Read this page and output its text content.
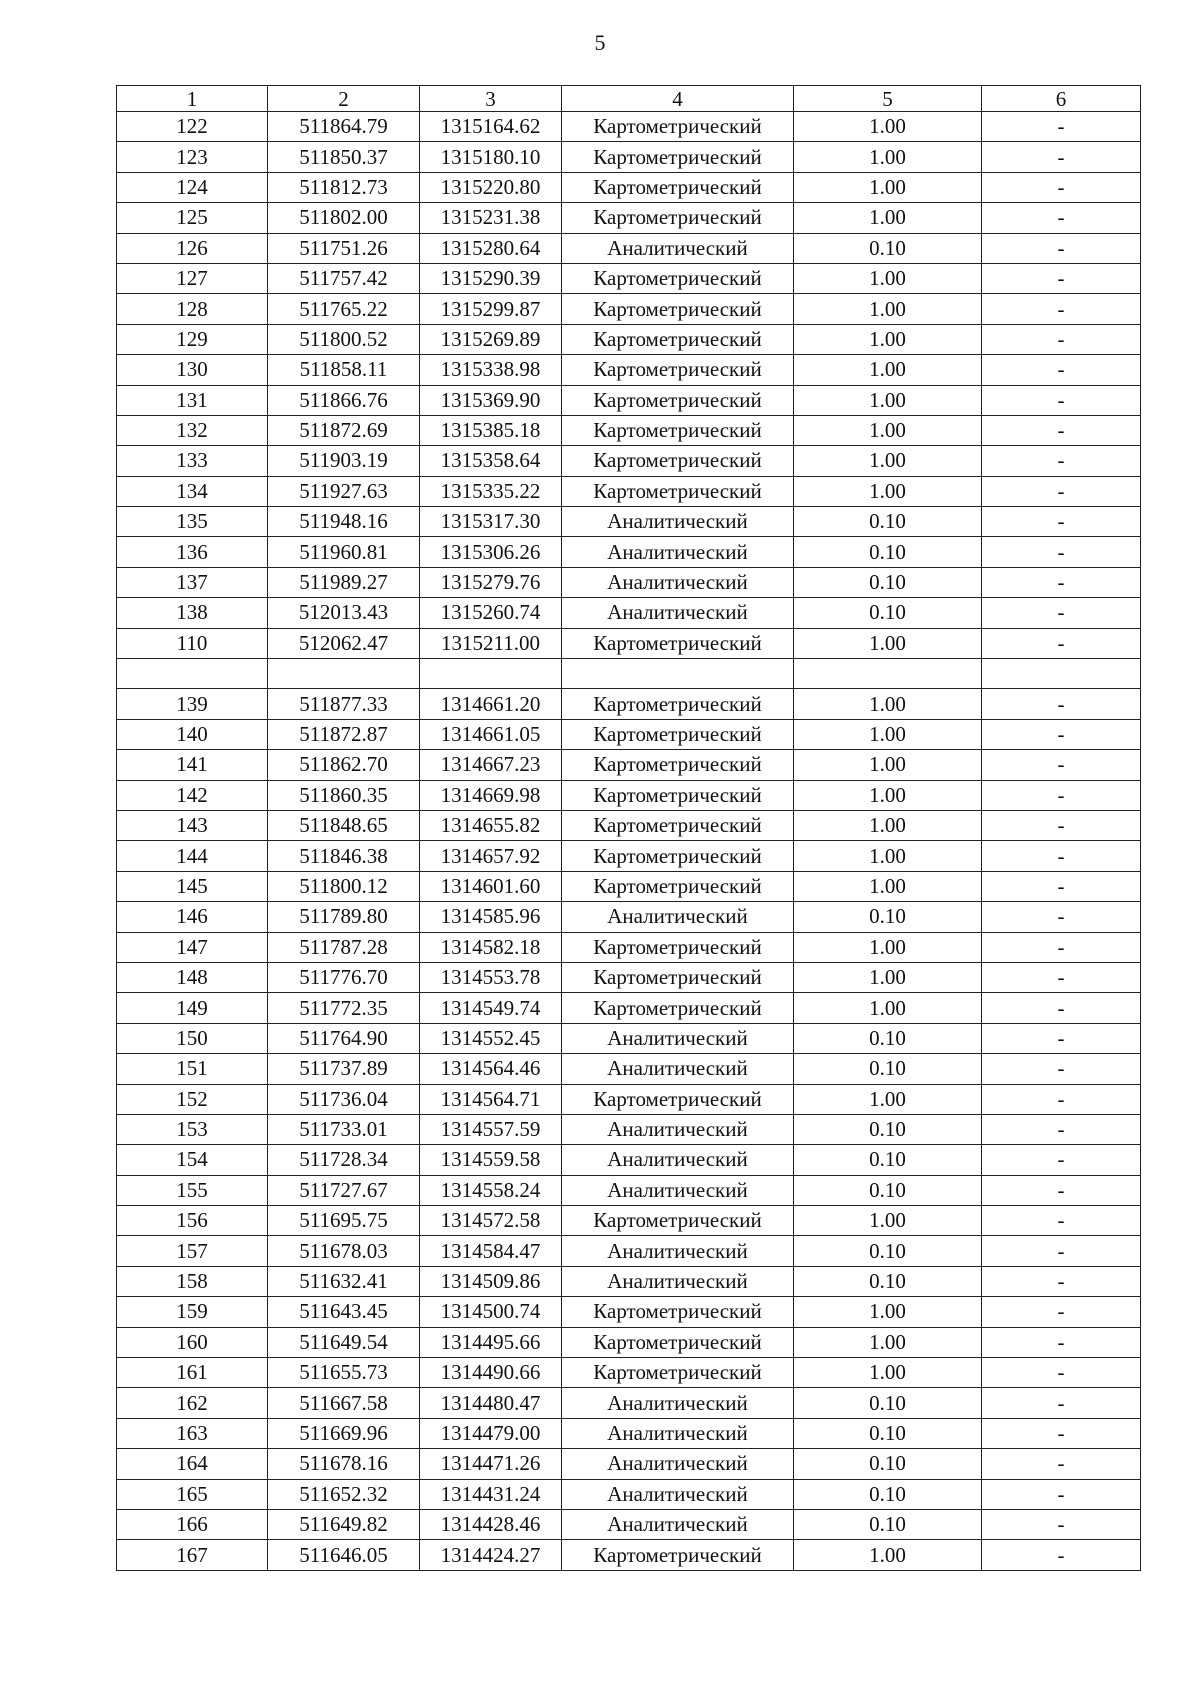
5
1	2	3	4	5	6
122	511864.79	1315164.62	Картометрический	1.00	-
123	511850.37	1315180.10	Картометрический	1.00	-
124	511812.73	1315220.80	Картометрический	1.00	-
125	511802.00	1315231.38	Картометрический	1.00	-
126	511751.26	1315280.64	Аналитический	0.10	-
127	511757.42	1315290.39	Картометрический	1.00	-
128	511765.22	1315299.87	Картометрический	1.00	-
129	511800.52	1315269.89	Картометрический	1.00	-
130	511858.11	1315338.98	Картометрический	1.00	-
131	511866.76	1315369.90	Картометрический	1.00	-
132	511872.69	1315385.18	Картометрический	1.00	-
133	511903.19	1315358.64	Картометрический	1.00	-
134	511927.63	1315335.22	Картометрический	1.00	-
135	511948.16	1315317.30	Аналитический	0.10	-
136	511960.81	1315306.26	Аналитический	0.10	-
137	511989.27	1315279.76	Аналитический	0.10	-
138	512013.43	1315260.74	Аналитический	0.10	-
110	512062.47	1315211.00	Картометрический	1.00	-

139	511877.33	1314661.20	Картометрический	1.00	-
140	511872.87	1314661.05	Картометрический	1.00	-
141	511862.70	1314667.23	Картометрический	1.00	-
142	511860.35	1314669.98	Картометрический	1.00	-
143	511848.65	1314655.82	Картометрический	1.00	-
144	511846.38	1314657.92	Картометрический	1.00	-
145	511800.12	1314601.60	Картометрический	1.00	-
146	511789.80	1314585.96	Аналитический	0.10	-
147	511787.28	1314582.18	Картометрический	1.00	-
148	511776.70	1314553.78	Картометрический	1.00	-
149	511772.35	1314549.74	Картометрический	1.00	-
150	511764.90	1314552.45	Аналитический	0.10	-
151	511737.89	1314564.46	Аналитический	0.10	-
152	511736.04	1314564.71	Картометрический	1.00	-
153	511733.01	1314557.59	Аналитический	0.10	-
154	511728.34	1314559.58	Аналитический	0.10	-
155	511727.67	1314558.24	Аналитический	0.10	-
156	511695.75	1314572.58	Картометрический	1.00	-
157	511678.03	1314584.47	Аналитический	0.10	-
158	511632.41	1314509.86	Аналитический	0.10	-
159	511643.45	1314500.74	Картометрический	1.00	-
160	511649.54	1314495.66	Картометрический	1.00	-
161	511655.73	1314490.66	Картометрический	1.00	-
162	511667.58	1314480.47	Аналитический	0.10	-
163	511669.96	1314479.00	Аналитический	0.10	-
164	511678.16	1314471.26	Аналитический	0.10	-
165	511652.32	1314431.24	Аналитический	0.10	-
166	511649.82	1314428.46	Аналитический	0.10	-
167	511646.05	1314424.27	Картометрический	1.00	-
